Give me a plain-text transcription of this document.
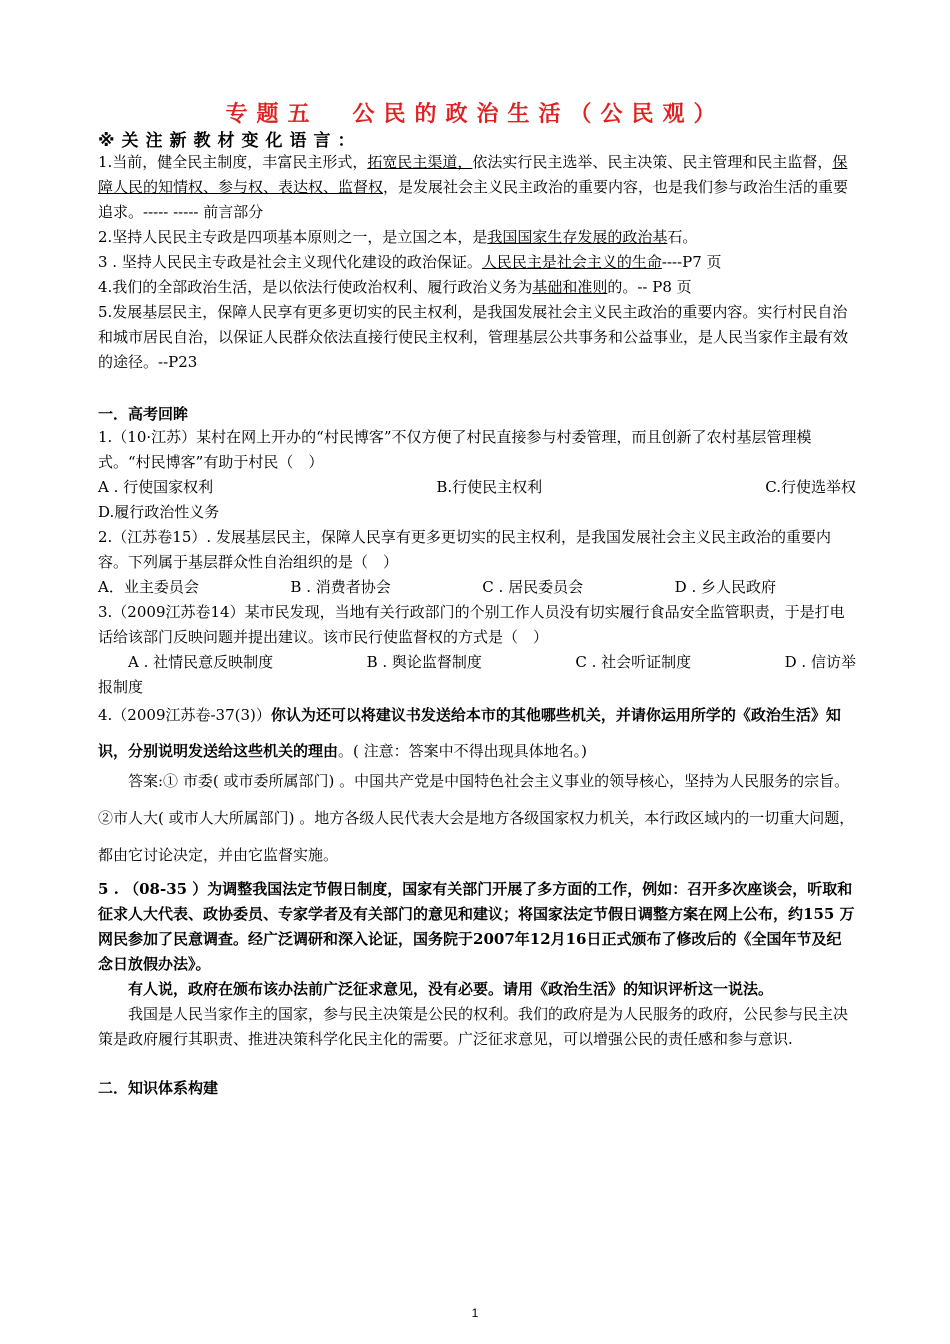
专题五 公民的政治生活（公民观）
※关注新教材变化语言：

1.当前，健全民主制度，丰富民主形式，拓宽民主渠道，依法实行民主选举、民主决策、民主管理和民主监督，保障人民的知情权、参与权、表达权、监督权，是发展社会主义民主政治的重要内容，也是我们参与政治生活的重要追求。----- ----- 前言部分

2.坚持人民民主专政是四项基本原则之一，是立国之本，是我国国家生存发展的政治基石。

3 . 坚持人民民主专政是社会主义现代化建设的政治保证。人民民主是社会主义的生命----P7 页

4.我们的全部政治生活，是以依法行使政治权利、履行政治义务为基础和准则的。-- P8 页

5.发展基层民主，保障人民享有更多更切实的民主权利，是我国发展社会主义民主政治的重要内容。实行村民自治和城市居民自治，以保证人民群众依法直接行使民主权利，管理基层公共事务和公益事业，是人民当家作主最有效的途径。--P23

一．高考回眸

1.（10·江苏）某村在网上开办的“村民博客”不仅方便了村民直接参与村委管理，而且创新了农村基层管理模式。“村民博客”有助于村民（　）

A . 行使国家权利	B.行使民主权利	C.行使选举权

D.履行政治性义务

2.（江苏卷15）. 发展基层民主，保障人民享有更多更切实的民主权利，是我国发展社会主义民主政治的重要内容。下列属于基层群众性自治组织的是（　）

A．业主委员会	B . 消费者协会	C . 居民委员会	D . 乡人民政府

3.（2009江苏卷14）某市民发现，当地有关行政部门的个别工作人员没有切实履行食品安全监管职责，于是打电话给该部门反映问题并提出建议。该市民行使监督权的方式是（　）

A . 社情民意反映制度	B . 舆论监督制度	C . 社会听证制度	D . 信访举

报制度

4.（2009江苏卷-37(3)）你认为还可以将建议书发送给本市的其他哪些机关，并请你运用所学的《政治生活》知识，分别说明发送给这些机关的理由。( 注意：答案中不得出现具体地名。)

答案:① 市委( 或市委所属部门) 。中国共产党是中国特色社会主义事业的领导核心，坚持为人民服务的宗旨。②市人大( 或市人大所属部门) 。地方各级人民代表大会是地方各级国家权力机关，本行政区域内的一切重大问题，都由它讨论决定，并由它监督实施。

5 . （08-35 ）为调整我国法定节假日制度，国家有关部门开展了多方面的工作，例如：召开多次座谈会，听取和征求人大代表、政协委员、专家学者及有关部门的意见和建议；将国家法定节假日调整方案在网上公布，约155 万网民参加了民意调查。经广泛调研和深入论证，国务院于2007年12月16日正式颁布了修改后的《全国年节及纪念日放假办法》。

有人说，政府在颁布该办法前广泛征求意见，没有必要。请用《政治生活》的知识评析这一说法。

我国是人民当家作主的国家，参与民主决策是公民的权利。我们的政府是为人民服务的政府，公民参与民主决策是政府履行其职责、推进决策科学化民主化的需要。广泛征求意见，可以增强公民的责任感和参与意识.

二．知识体系构建
1
